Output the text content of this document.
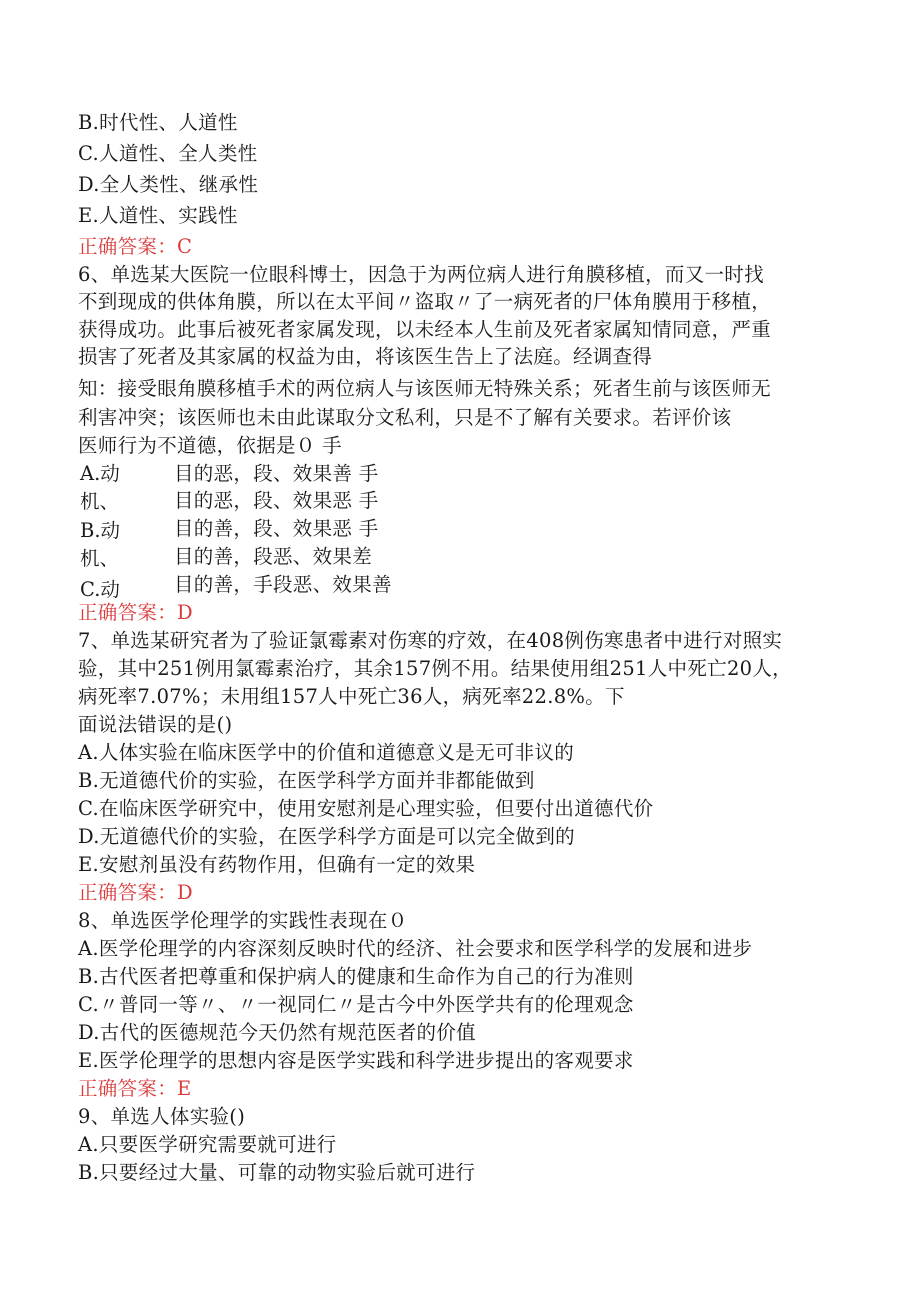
B.时代性、人道性
C.人道性、全人类性
D.全人类性、继承性
E.人道性、实践性
正确答案：C
6、单选某大医院一位眼科博士，因急于为两位病人进行角膜移植，而又一时找
不到现成的供体角膜，所以在太平间〃盗取〃了一病死者的尸体角膜用于移植，
获得成功。此事后被死者家属发现，以未经本人生前及死者家属知情同意，严重
损害了死者及其家属的权益为由，将该医生告上了法庭。经调查得
知：接受眼角膜移植手术的两位病人与该医师无特殊关系；死者生前与该医师无
利害冲突；该医师也未由此谋取分文私利，只是不了解有关要求。若评价该
医师行为不道德，依据是０ 手
A.动
机、
B.动
机、
C.动
目的恶，段、效果善 手
目的恶，段、效果恶 手
目的善，段、效果恶 手
目的善，段恶、效果差
目的善，手段恶、效果善
正确答案：D
7、单选某研究者为了验证氯霉素对伤寒的疗效，在408例伤寒患者中进行对照实
验，其中251例用氯霉素治疗，其余157例不用。结果使用组251人中死亡20人，
病死率7.07%；未用组157人中死亡36人，病死率22.8%。下
面说法错误的是()
A.人体实验在临床医学中的价值和道德意义是无可非议的
B.无道德代价的实验，在医学科学方面并非都能做到
C.在临床医学研究中，使用安慰剂是心理实验，但要付出道德代价
D.无道德代价的实验，在医学科学方面是可以完全做到的
E.安慰剂虽没有药物作用，但确有一定的效果
正确答案：D
8、单选医学伦理学的实践性表现在０
A.医学伦理学的内容深刻反映时代的经济、社会要求和医学科学的发展和进步
B.古代医者把尊重和保护病人的健康和生命作为自己的行为准则
C.〃普同一等〃、〃一视同仁〃是古今中外医学共有的伦理观念
D.古代的医德规范今天仍然有规范医者的价值
E.医学伦理学的思想内容是医学实践和科学进步提出的客观要求
正确答案：E
9、单选人体实验()
A.只要医学研究需要就可进行
B.只要经过大量、可靠的动物实验后就可进行
